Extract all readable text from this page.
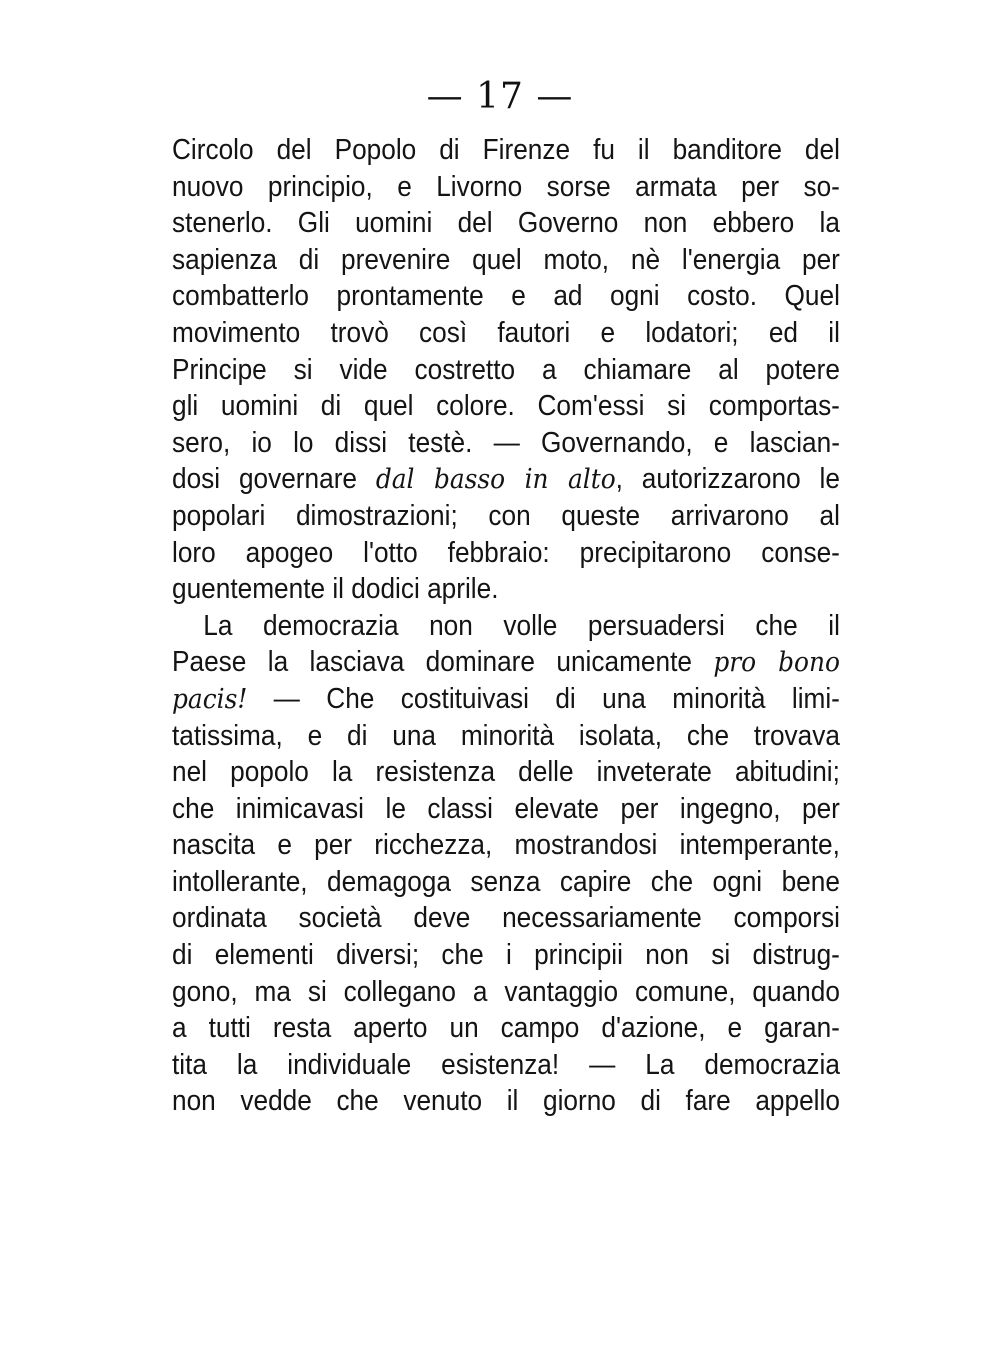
— 17 —
Circolo del Popolo di Firenze fu il banditore del
nuovo principio, e Livorno sorse armata per so-
stenerlo. Gli uomini del Governo non ebbero la
sapienza di prevenire quel moto, nè l'energia per
combatterlo prontamente e ad ogni costo. Quel
movimento trovò così fautori e lodatori; ed il
Principe si vide costretto a chiamare al potere
gli uomini di quel colore. Com'essi si comportas-
sero, io lo dissi testè. — Governando, e lascian-
dosi governare dal basso in alto, autorizzarono le
popolari dimostrazioni; con queste arrivarono al
loro apogeo l'otto febbraio: precipitarono conse-
guentemente il dodici aprile.
La democrazia non volle persuadersi che il
Paese la lasciava dominare unicamente pro bono
pacis! — Che costituivasi di una minorità limi-
tatissima, e di una minorità isolata, che trovava
nel popolo la resistenza delle inveterate abitudini;
che inimicavasi le classi elevate per ingegno, per
nascita e per ricchezza, mostrandosi intemperante,
intollerante, demagoga senza capire che ogni bene
ordinata società deve necessariamente comporsi
di elementi diversi; che i principii non si distrug-
gono, ma si collegano a vantaggio comune, quando
a tutti resta aperto un campo d'azione, e garan-
tita la individuale esistenza! — La democrazia
non vedde che venuto il giorno di fare appello
